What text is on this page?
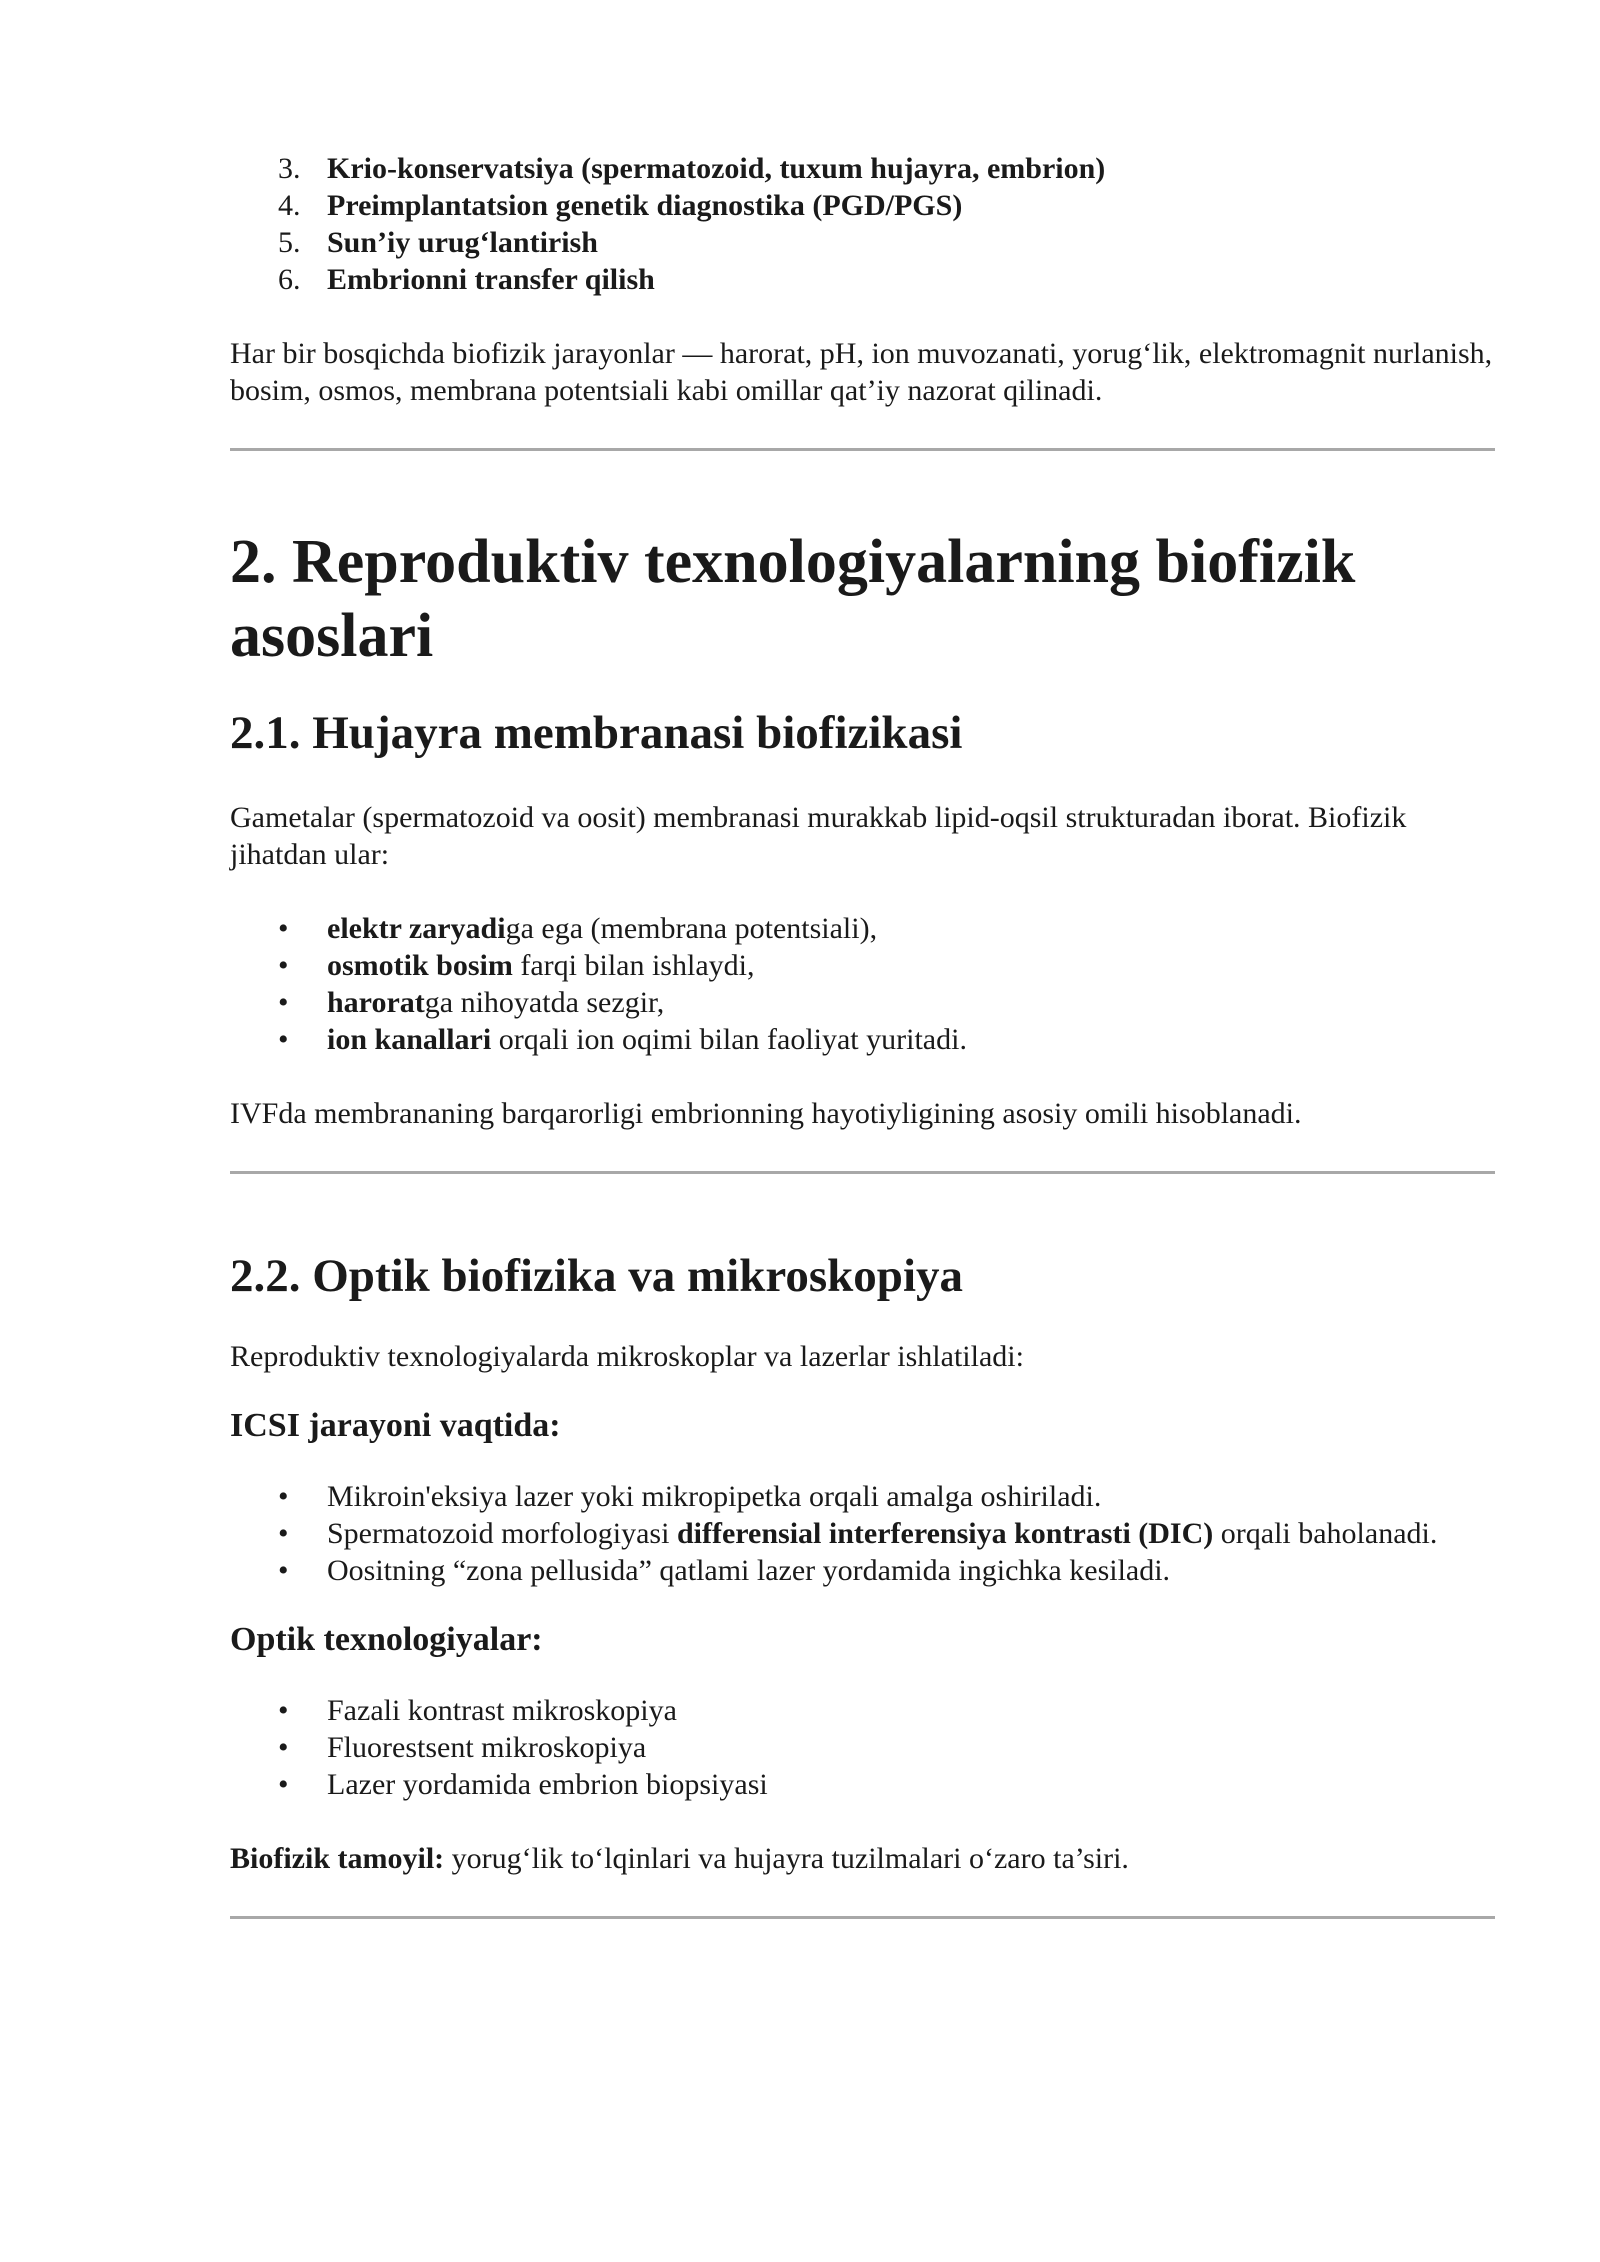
3. Krio-konservatsiya (spermatozoid, tuxum hujayra, embrion)
4. Preimplantatsion genetik diagnostika (PGD/PGS)
5. Sun’iy urug‘lantirish
6. Embrionni transfer qilish

Har bir bosqichda biofizik jarayonlar — harorat, pH, ion muvozanati, yorug‘lik, elektromagnit nurlanish, bosim, osmos, membrana potentsiali kabi omillar qat’iy nazorat qilinadi.

2. Reproduktiv texnologiyalarning biofizik asoslari
2.1. Hujayra membranasi biofizikasi

Gametalar (spermatozoid va oosit) membranasi murakkab lipid-oqsil strukturadan iborat. Biofizik jihatdan ular:

• elektr zaryadiga ega (membrana potentsiali),
• osmotik bosim farqi bilan ishlaydi,
• haroratga nihoyatda sezgir,
• ion kanallari orqali ion oqimi bilan faoliyat yuritadi.

IVFda membrananing barqarorligi embrionning hayotiyligining asosiy omili hisoblanadi.

2.2. Optik biofizika va mikroskopiya

Reproduktiv texnologiyalarda mikroskoplar va lazerlar ishlatiladi:

ICSI jarayoni vaqtida:
• Mikroin'eksiya lazer yoki mikropipetka orqali amalga oshiriladi.
• Spermatozoid morfologiyasi differensial interferensiya kontrasti (DIC) orqali baholanadi.
• Oositning “zona pellusida” qatlami lazer yordamida ingichka kesiladi.
Optik texnologiyalar:
• Fazali kontrast mikroskopiya
• Fluorestsent mikroskopiya
• Lazer yordamida embrion biopsiyasi

Biofizik tamoyil: yorug‘lik to‘lqinlari va hujayra tuzilmalari o‘zaro ta’siri.
